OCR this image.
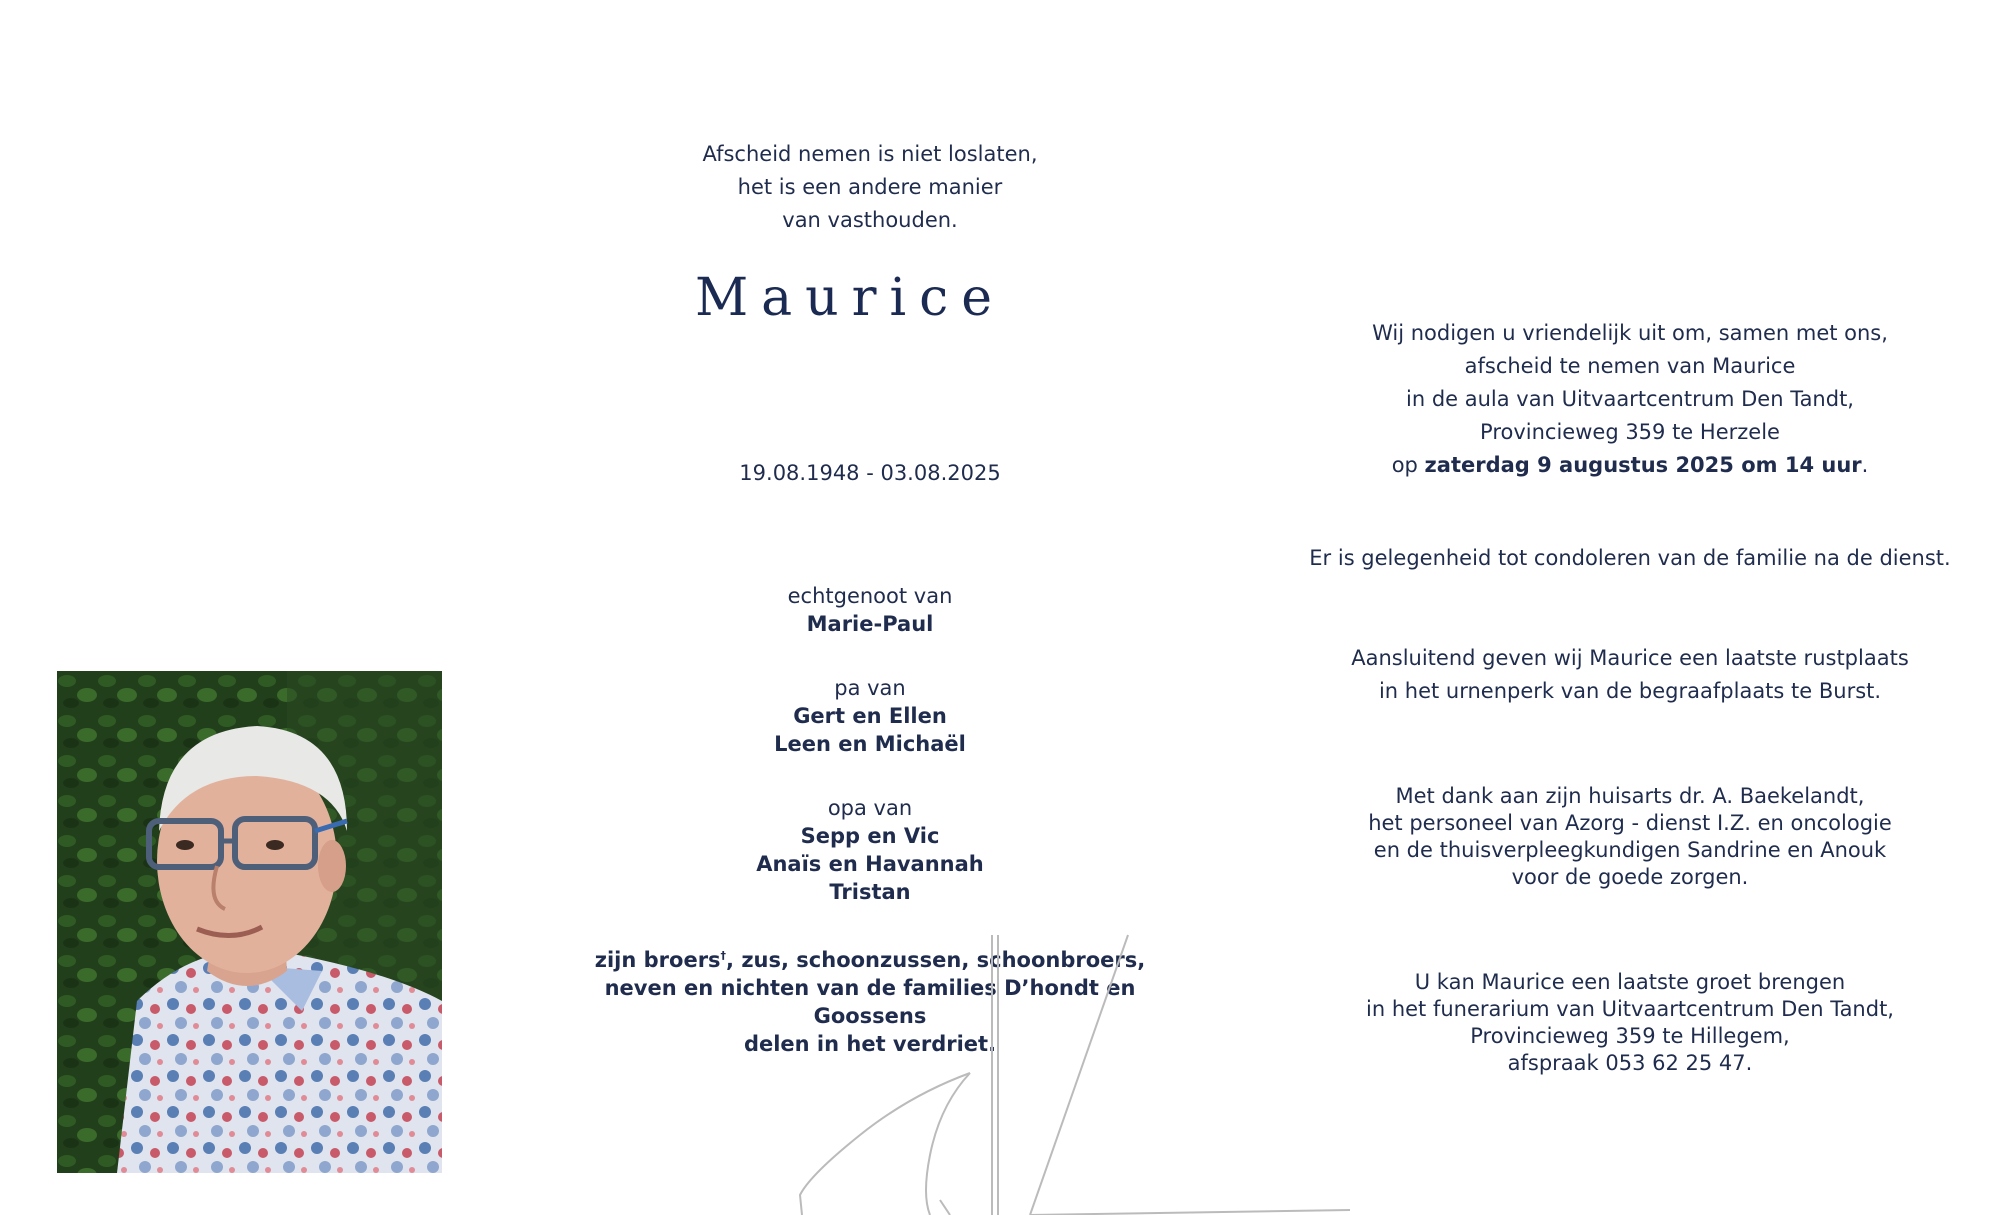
Afscheid nemen is niet loslaten,
het is een andere manier
van vasthouden.
Maurice
19.08.1948 - 03.08.2025
echtgenoot van
Marie-Paul
pa van
Gert en Ellen
Leen en Michaël
opa van
Sepp en Vic
Anaïs en Havannah
Tristan
zijn broers†, zus, schoonzussen, schoonbroers,
neven en nichten van de families D’hondt en Goossens
delen in het verdriet.
Wij nodigen u vriendelijk uit om, samen met ons,
afscheid te nemen van Maurice
in de aula van Uitvaartcentrum Den Tandt,
Provincieweg 359 te Herzele
op zaterdag 9 augustus 2025 om 14 uur.
Er is gelegenheid tot condoleren van de familie na de dienst.
Aansluitend geven wij Maurice een laatste rustplaats
in het urnenperk van de begraafplaats te Burst.
Met dank aan zijn huisarts dr. A. Baekelandt,
het personeel van Azorg - dienst I.Z. en oncologie
en de thuisverpleegkundigen Sandrine en Anouk
voor de goede zorgen.
U kan Maurice een laatste groet brengen
in het funerarium van Uitvaartcentrum Den Tandt,
Provincieweg 359 te Hillegem,
afspraak 053 62 25 47.
